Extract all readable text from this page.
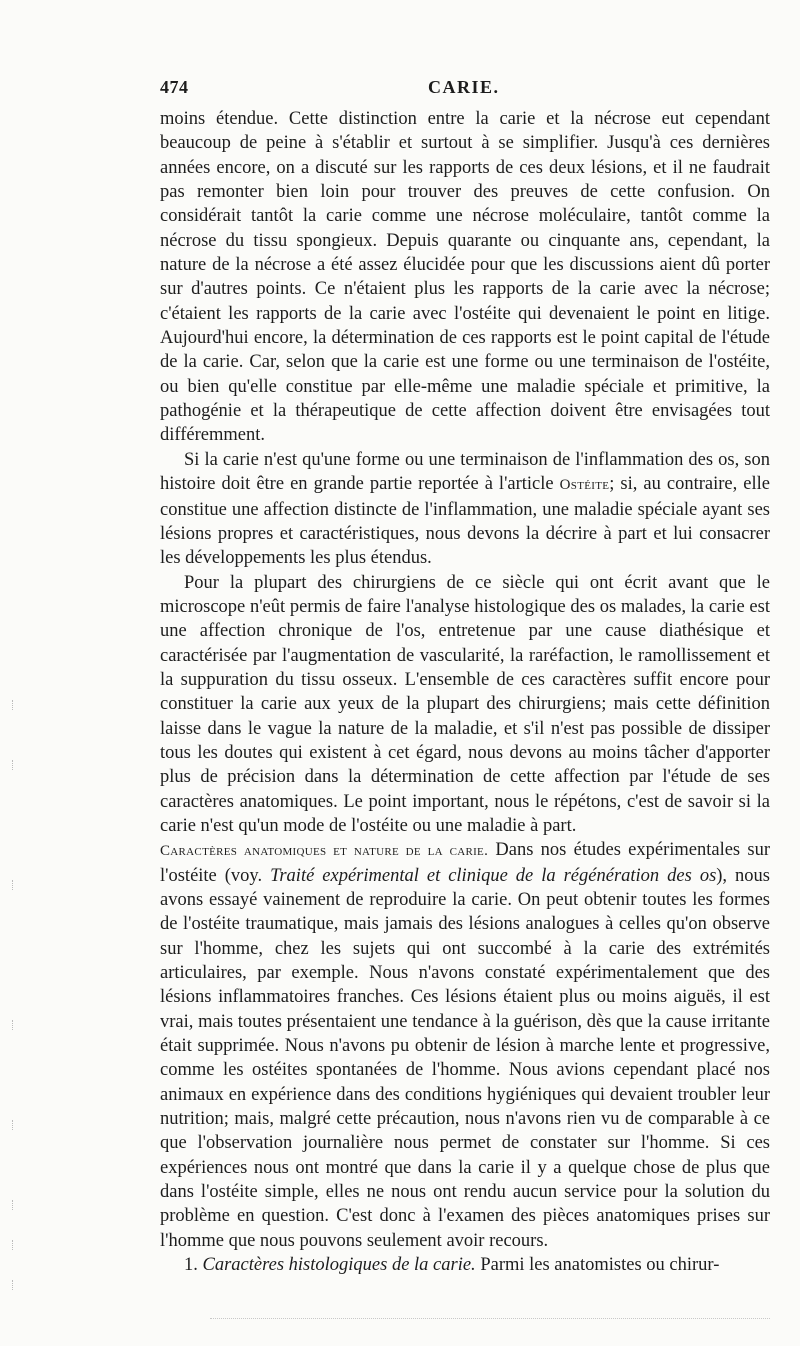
474	CARIE.

moins étendue. Cette distinction entre la carie et la nécrose eut cependant beaucoup de peine à s'établir et surtout à se simplifier. Jusqu'à ces dernières années encore, on a discuté sur les rapports de ces deux lésions, et il ne faudrait pas remonter bien loin pour trouver des preuves de cette confusion. On considérait tantôt la carie comme une nécrose moléculaire, tantôt comme la nécrose du tissu spongieux. Depuis quarante ou cinquante ans, cependant, la nature de la nécrose a été assez élucidée pour que les discussions aient dû porter sur d'autres points. Ce n'étaient plus les rapports de la carie avec la nécrose; c'étaient les rapports de la carie avec l'ostéite qui devenaient le point en litige. Aujourd'hui encore, la détermination de ces rapports est le point capital de l'étude de la carie. Car, selon que la carie est une forme ou une terminaison de l'ostéite, ou bien qu'elle constitue par elle-même une maladie spéciale et primitive, la pathogénie et la thérapeutique de cette affection doivent être envisagées tout différemment.

Si la carie n'est qu'une forme ou une terminaison de l'inflammation des os, son histoire doit être en grande partie reportée à l'article Ostéite; si, au contraire, elle constitue une affection distincte de l'inflammation, une maladie spéciale ayant ses lésions propres et caractéristiques, nous devons la décrire à part et lui consacrer les développements les plus étendus.

Pour la plupart des chirurgiens de ce siècle qui ont écrit avant que le microscope n'eût permis de faire l'analyse histologique des os malades, la carie est une affection chronique de l'os, entretenue par une cause diathésique et caractérisée par l'augmentation de vascularité, la raréfaction, le ramollissement et la suppuration du tissu osseux. L'ensemble de ces caractères suffit encore pour constituer la carie aux yeux de la plupart des chirurgiens; mais cette définition laisse dans le vague la nature de la maladie, et s'il n'est pas possible de dissiper tous les doutes qui existent à cet égard, nous devons au moins tâcher d'apporter plus de précision dans la détermination de cette affection par l'étude de ses caractères anatomiques. Le point important, nous le répétons, c'est de savoir si la carie n'est qu'un mode de l'ostéite ou une maladie à part.

Caractères anatomiques et nature de la carie. Dans nos études expérimentales sur l'ostéite (voy. Traité expérimental et clinique de la régénération des os), nous avons essayé vainement de reproduire la carie. On peut obtenir toutes les formes de l'ostéite traumatique, mais jamais des lésions analogues à celles qu'on observe sur l'homme, chez les sujets qui ont succombé à la carie des extrémités articulaires, par exemple. Nous n'avons constaté expérimentalement que des lésions inflammatoires franches. Ces lésions étaient plus ou moins aiguës, il est vrai, mais toutes présentaient une tendance à la guérison, dès que la cause irritante était supprimée. Nous n'avons pu obtenir de lésion à marche lente et progressive, comme les ostéites spontanées de l'homme. Nous avions cependant placé nos animaux en expérience dans des conditions hygiéniques qui devaient troubler leur nutrition; mais, malgré cette précaution, nous n'avons rien vu de comparable à ce que l'observation journalière nous permet de constater sur l'homme. Si ces expériences nous ont montré que dans la carie il y a quelque chose de plus que dans l'ostéite simple, elles ne nous ont rendu aucun service pour la solution du problème en question. C'est donc à l'examen des pièces anatomiques prises sur l'homme que nous pouvons seulement avoir recours.

1. Caractères histologiques de la carie. Parmi les anatomistes ou chirur-
